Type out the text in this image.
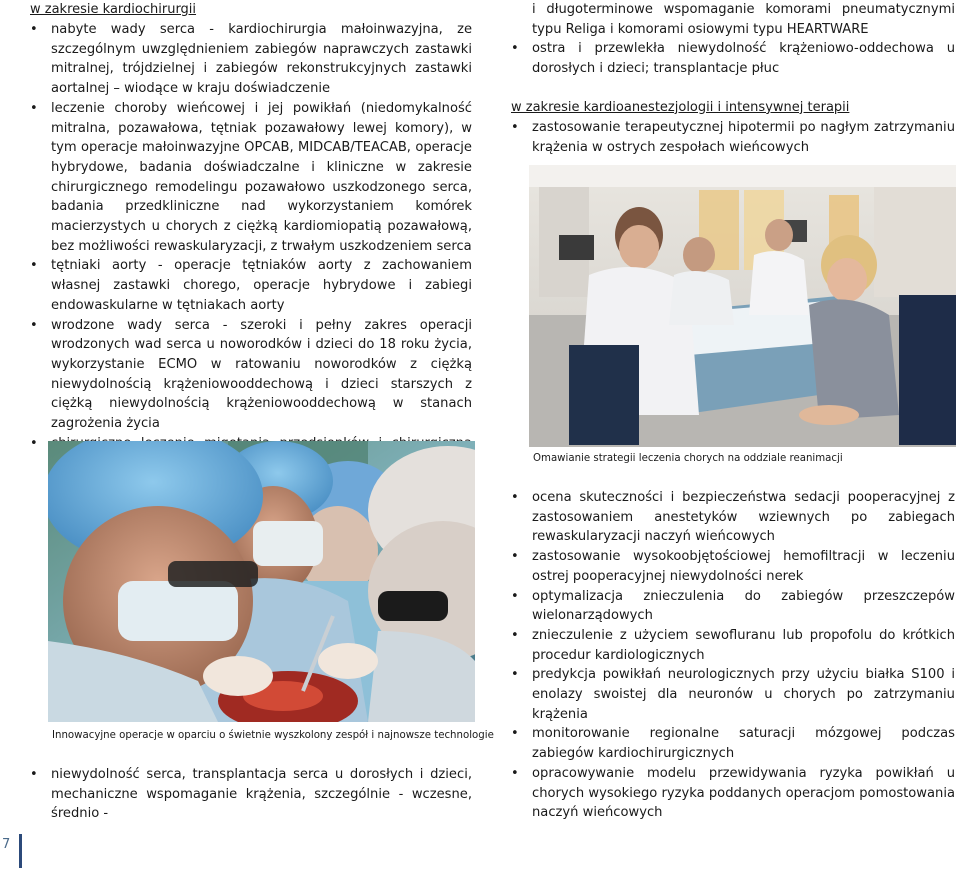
w zakresie kardiochirurgii

• nabyte wady serca - kardiochirurgia małoinwazyjna, ze szczególnym uwzględnieniem zabiegów naprawczych zastawki mitralnej, trójdzielnej i zabiegów rekonstrukcyjnych zastawki aortalnej – wiodące w kraju doświadczenie
• leczenie choroby wieńcowej i jej powikłań (niedomykalność mitralna, pozawałowa, tętniak pozawałowy lewej komory), w tym operacje małoinwazyjne OPCAB, MIDCAB/TEACAB, operacje hybrydowe, badania doświadczalne i kliniczne w zakresie chirurgicznego remodelingu pozawałowo uszkodzonego serca, badania przedkliniczne nad wykorzystaniem komórek macierzystych u chorych z ciężką kardiomiopatią pozawałową, bez możliwości rewaskularyzacji, z trwałym uszkodzeniem serca
• tętniaki aorty - operacje tętniaków aorty z zachowaniem własnej zastawki chorego, operacje hybrydowe i zabiegi endowaskularne w tętniakach aorty
• wrodzone wady serca - szeroki i pełny zakres operacji wrodzonych wad serca u noworodków i dzieci do 18 roku życia, wykorzystanie ECMO w ratowaniu noworodków z ciężką niewydolnością krążeniowooddechową i dzieci starszych z ciężką niewydolnością krążeniowooddechową w stanach zagrożenia życia
•
Innowacyjne operacje w oparciu o świetnie wyszkolony zespół i najnowsze technologie
• niewydolność serca, transplantacja serca u dorosłych i dzieci, mechaniczne wspomaganie krążenia, szczególnie - wczesne, średnio -
i długoterminowe wspomaganie komorami pneumatycznymi typu Religa i komorami osiowymi typu HEARTWARE
• ostra i przewlekła niewydolność krążeniowo-oddechowa u dorosłych i dzieci; transplantacje płuc

w zakresie kardioanestezjologii i intensywnej terapii

• zastosowanie terapeutycznej hipotermii po nagłym zatrzymaniu krążenia w ostrych zespołach wieńcowych
Omawianie strategii leczenia chorych na oddziale reanimacji
• ocena skuteczności i bezpieczeństwa sedacji pooperacyjnej z zastosowaniem anestetyków wziewnych po zabiegach rewaskularyzacji naczyń wieńcowych
• zastosowanie wysokoobjętościowej hemofiltracji w leczeniu ostrej pooperacyjnej niewydolności nerek
• optymalizacja znieczulenia do zabiegów przeszczepów wielonarządowych
• znieczulenie z użyciem sewofluranu lub propofolu do krótkich procedur kardiologicznych
• predykcja powikłań neurologicznych przy użyciu białka S100 i enolazy swoistej dla neuronów u chorych po zatrzymaniu krążenia
• monitorowanie regionalne saturacji mózgowej podczas zabiegów kardiochirurgicznych
• opracowywanie modelu przewidywania ryzyka powikłań u chorych wysokiego ryzyka poddanych operacjom pomostowania naczyń wieńcowych
7
